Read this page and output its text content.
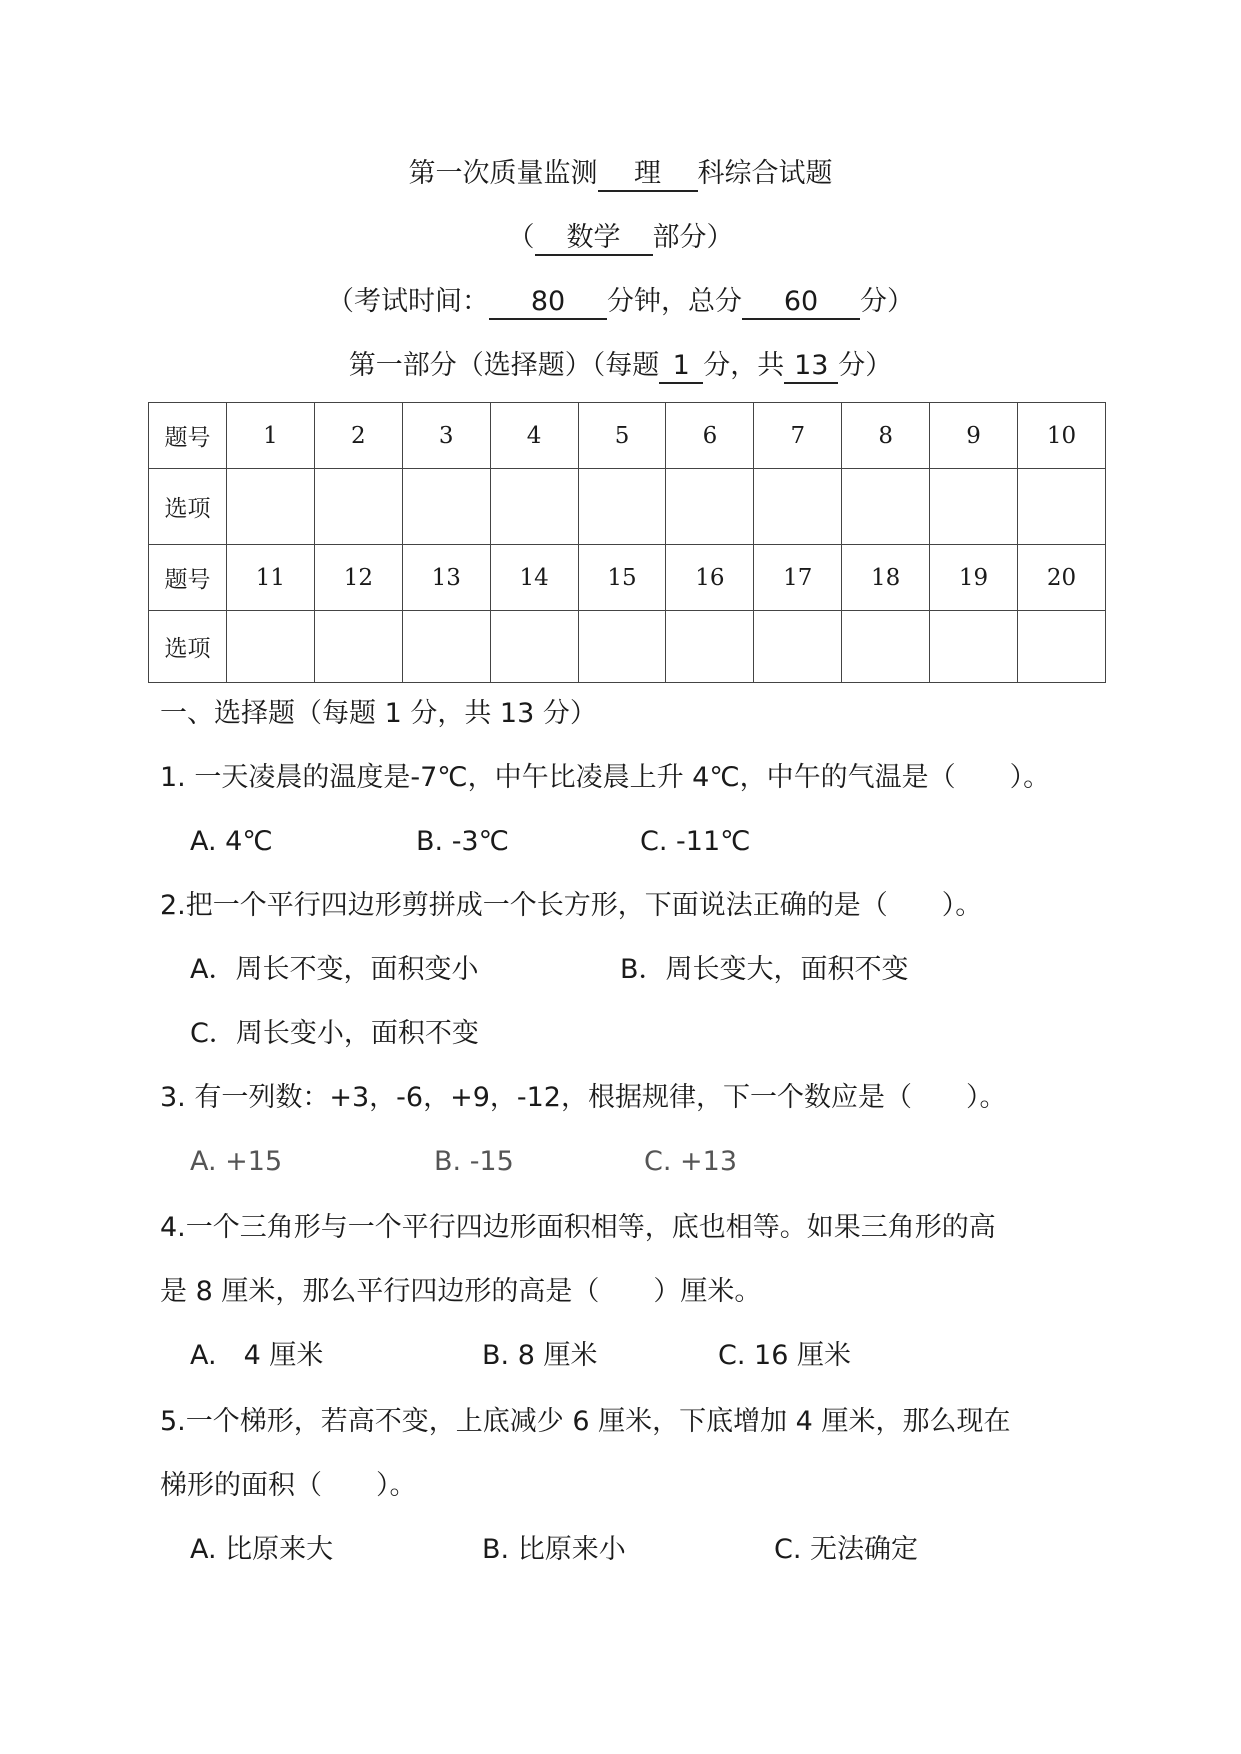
第一次质量监测 理 科综合试题
（ 数学 部分）
（考试时间： 80 分钟，总分 60 分）
第一部分（选择题）（每题 1 分，共 13 分）
题号	1	2	3	4	5	6	7	8	9	10
选项										
题号	11	12	13	14	15	16	17	18	19	20
选项										
一、选择题（每题 1 分，共 13 分）
1. 一天凌晨的温度是-7℃，中午比凌晨上升 4℃，中午的气温是（　　）。
A. 4℃	B. -3℃	C. -11℃
2.把一个平行四边形剪拼成一个长方形，下面说法正确的是（　　）。
A．周长不变，面积变小	B．周长变大，面积不变
C．周长变小，面积不变
3. 有一列数：+3，-6，+9，-12，根据规律，下一个数应是（　　）。
A. +15	B. -15	C. +13
4.一个三角形与一个平行四边形面积相等，底也相等。如果三角形的高
是 8 厘米，那么平行四边形的高是（　　）厘米。
A.　4 厘米	B. 8 厘米	C. 16 厘米
5.一个梯形，若高不变，上底减少 6 厘米，下底增加 4 厘米，那么现在
梯形的面积（　　）。
A. 比原来大	B. 比原来小	C. 无法确定
